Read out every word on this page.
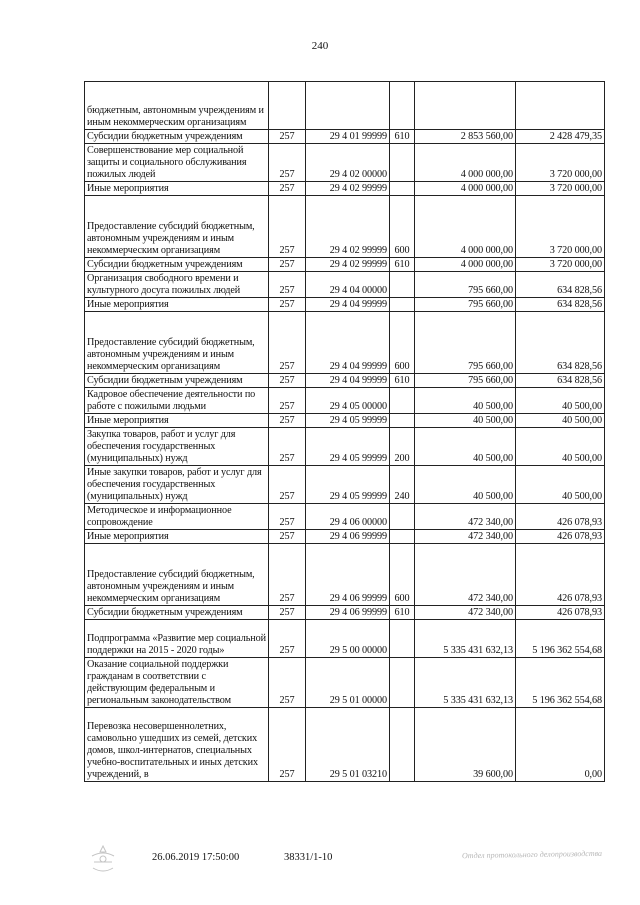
240
бюджетным, автономным учреждениям и иным некоммерческим организациям					
Субсидии бюджетным учреждениям	257	29 4 01 99999	610	2 853 560,00	2 428 479,35
Совершенствование мер социальной защиты и социального обслуживания пожилых людей	257	29 4 02 00000		4 000 000,00	3 720 000,00
Иные мероприятия	257	29 4 02 99999		4 000 000,00	3 720 000,00
Предоставление субсидий бюджетным, автономным учреждениям и иным некоммерческим организациям	257	29 4 02 99999	600	4 000 000,00	3 720 000,00
Субсидии бюджетным учреждениям	257	29 4 02 99999	610	4 000 000,00	3 720 000,00
Организация свободного времени и культурного досуга пожилых людей	257	29 4 04 00000		795 660,00	634 828,56
Иные мероприятия	257	29 4 04 99999		795 660,00	634 828,56
Предоставление субсидий бюджетным, автономным учреждениям и иным некоммерческим организациям	257	29 4 04 99999	600	795 660,00	634 828,56
Субсидии бюджетным учреждениям	257	29 4 04 99999	610	795 660,00	634 828,56
Кадровое обеспечение деятельности по работе с пожилыми людьми	257	29 4 05 00000		40 500,00	40 500,00
Иные мероприятия	257	29 4 05 99999		40 500,00	40 500,00
Закупка товаров, работ и услуг для обеспечения государственных (муниципальных) нужд	257	29 4 05 99999	200	40 500,00	40 500,00
Иные закупки товаров, работ и услуг для обеспечения государственных (муниципальных) нужд	257	29 4 05 99999	240	40 500,00	40 500,00
Методическое и информационное сопровождение	257	29 4 06 00000		472 340,00	426 078,93
Иные мероприятия	257	29 4 06 99999		472 340,00	426 078,93
Предоставление субсидий бюджетным, автономным учреждениям и иным некоммерческим организациям	257	29 4 06 99999	600	472 340,00	426 078,93
Субсидии бюджетным учреждениям	257	29 4 06 99999	610	472 340,00	426 078,93
Подпрограмма «Развитие мер социальной поддержки на 2015 - 2020 годы»	257	29 5 00 00000		5 335 431 632,13	5 196 362 554,68
Оказание социальной поддержки гражданам в соответствии с действующим федеральным и региональным законодательством	257	29 5 01 00000		5 335 431 632,13	5 196 362 554,68
Перевозка несовершеннолетних, самовольно ушедших из семей, детских домов, школ-интернатов, специальных учебно-воспитательных и иных детских учреждений, в	257	29 5 01 03210		39 600,00	0,00
26.06.2019 17:50:00	38331/1-10	Отдел протокольного делопроизводства
